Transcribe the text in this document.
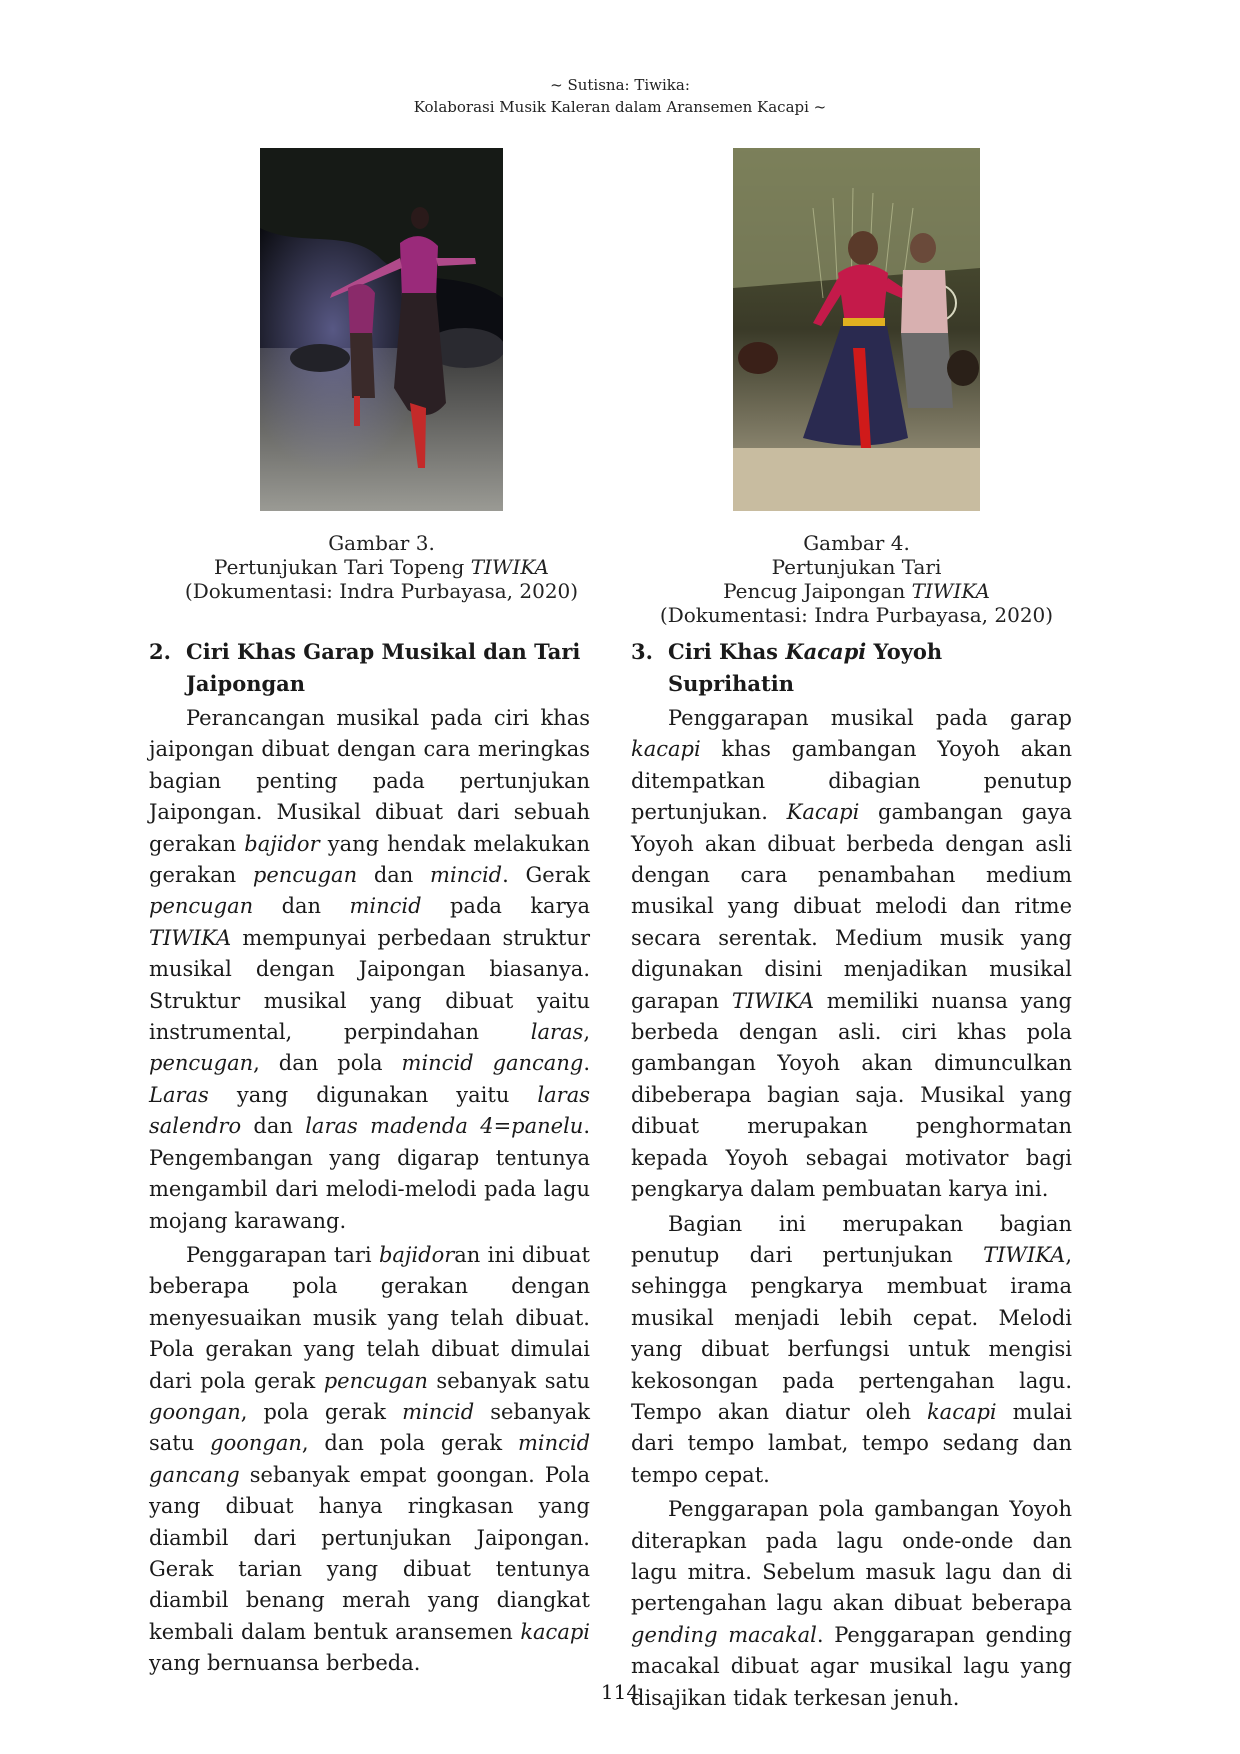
~ Sutisna: Tiwika:
Kolaborasi Musik Kaleran dalam Aransemen Kacapi ~
Gambar 3.
Pertunjukan Tari Topeng TIWIKA
(Dokumentasi: Indra Purbayasa, 2020)
Gambar 4.
Pertunjukan Tari
Pencug Jaipongan TIWIKA
(Dokumentasi: Indra Purbayasa, 2020)
2. Ciri Khas Garap Musikal dan Tari Jaipongan

Perancangan musikal pada ciri khas jaipongan dibuat dengan cara meringkas bagian penting pada pertunjukan Jaipongan. Musikal dibuat dari sebuah gerakan bajidor yang hendak melakukan gerakan pencugan dan mincid. Gerak pencugan dan mincid pada karya TIWIKA mempunyai perbedaan struktur musikal dengan Jaipongan biasanya. Struktur musikal yang dibuat yaitu instrumental, perpindahan laras, pencugan, dan pola mincid gancang. Laras yang digunakan yaitu laras salendro dan laras madenda 4=panelu. Pengembangan yang digarap tentunya mengambil dari melodi-melodi pada lagu mojang karawang.

Penggarapan tari bajidoran ini dibuat beberapa pola gerakan dengan menyesuaikan musik yang telah dibuat. Pola gerakan yang telah dibuat dimulai dari pola gerak pencugan sebanyak satu goongan, pola gerak mincid sebanyak satu goongan, dan pola gerak mincid gancang sebanyak empat goongan. Pola yang dibuat hanya ringkasan yang diambil dari pertunjukan Jaipongan. Gerak tarian yang dibuat tentunya diambil benang merah yang diangkat kembali dalam bentuk aransemen kacapi yang bernuansa berbeda.

3. Ciri Khas Kacapi Yoyoh Suprihatin

Penggarapan musikal pada garap kacapi khas gambangan Yoyoh akan ditempatkan dibagian penutup pertunjukan. Kacapi gambangan gaya Yoyoh akan dibuat berbeda dengan asli dengan cara penambahan medium musikal yang dibuat melodi dan ritme secara serentak. Medium musik yang digunakan disini menjadikan musikal garapan TIWIKA memiliki nuansa yang berbeda dengan asli. ciri khas pola gambangan Yoyoh akan dimunculkan dibeberapa bagian saja. Musikal yang dibuat merupakan penghormatan kepada Yoyoh sebagai motivator bagi pengkarya dalam pembuatan karya ini.

Bagian ini merupakan bagian penutup dari pertunjukan TIWIKA, sehingga pengkarya membuat irama musikal menjadi lebih cepat. Melodi yang dibuat berfungsi untuk mengisi kekosongan pada pertengahan lagu. Tempo akan diatur oleh kacapi mulai dari tempo lambat, tempo sedang dan tempo cepat.

Penggarapan pola gambangan Yoyoh diterapkan pada lagu onde-onde dan lagu mitra. Sebelum masuk lagu dan di pertengahan lagu akan dibuat beberapa gending macakal. Penggarapan gending macakal dibuat agar musikal lagu yang disajikan tidak terkesan jenuh.

114
